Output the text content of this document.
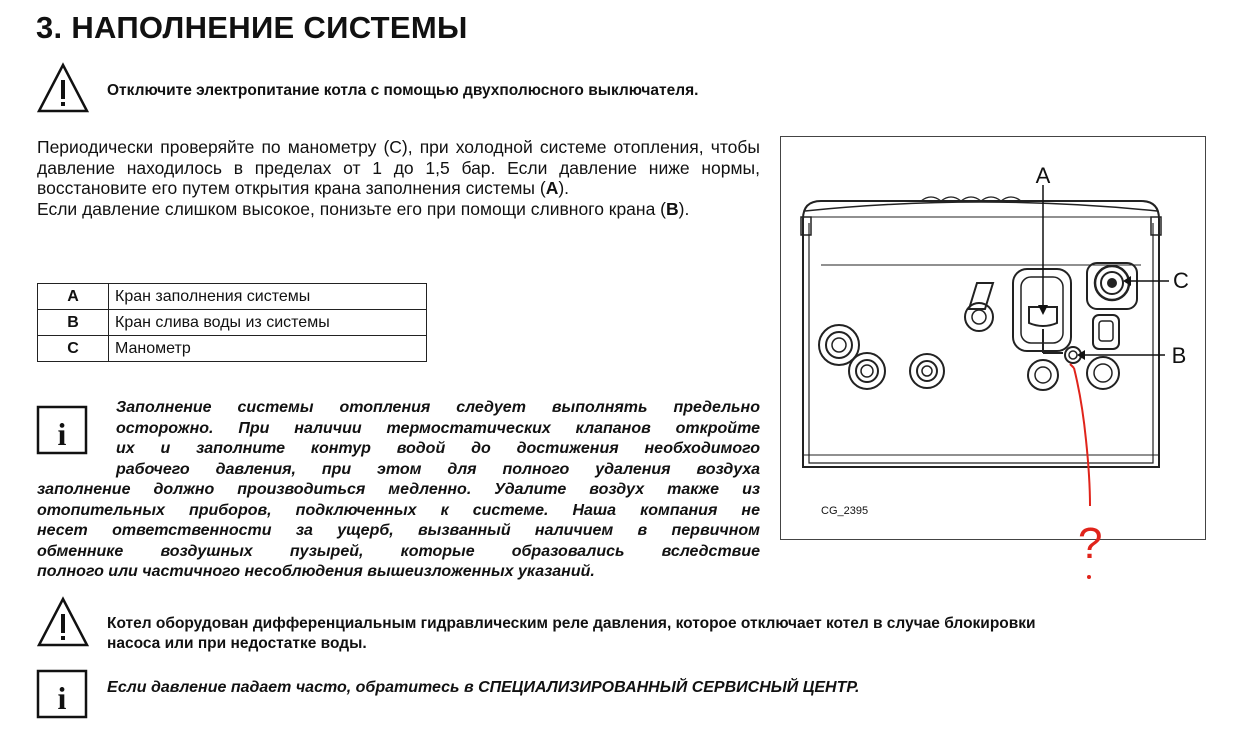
3. НАПОЛНЕНИЕ СИСТЕМЫ
Отключите электропитание котла с помощью двухполюсного выключателя.

Периодически проверяйте по манометру (С), при холодной системе отопления, чтобы давление находилось в пределах от 1 до 1,5 бар. Если давление ниже нормы, восстановите его путем открытия крана заполнения системы (А).

Если давление слишком высокое, понизьте его при помощи сливного крана (В).

A	Кран заполнения системы
B	Кран слива воды из системы
C	Манометр
i

Заполнение системы отопления следует выполнять предельно

осторожно. При наличии термостатических клапанов откройте

их и заполните контур водой до достижения необходимого

рабочего давления, при этом для полного удаления воздуха

заполнение должно производиться медленно. Удалите воздух также из

отопительных приборов, подключенных к системе. Наша компания не

несет ответственности за ущерб, вызванный наличием в первичном

обменнике воздушных пузырей, которые образовались вследствие

полного или частичного несоблюдения вышеизложенных указаний.

Котел оборудован дифференциальным гидравлическим реле давления, которое отключает котел в случае блокировки
насоса или при недостатке воды.
i	Если давление падает часто, обратитесь в СПЕЦИАЛИЗИРОВАННЫЙ СЕРВИСНЫЙ ЦЕНТР.
A
C
B
CG_2395
?
